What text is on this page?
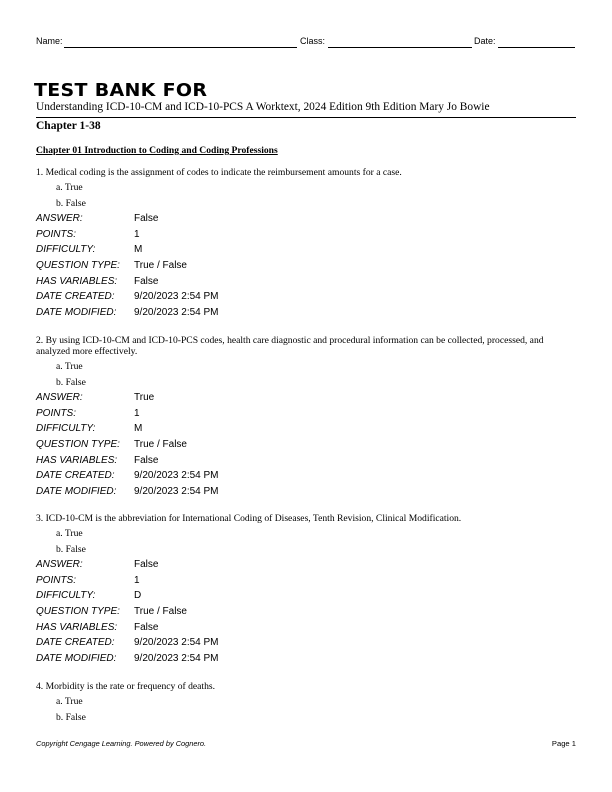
Name:	Class:	Date:
TEST BANK FOR
Understanding ICD-10-CM and ICD-10-PCS A Worktext, 2024 Edition 9th Edition Mary Jo Bowie
Chapter 1-38
Chapter 01 Introduction to Coding and Coding Professions
1. Medical coding is the assignment of codes to indicate the reimbursement amounts for a case.
a. True
b. False
ANSWER:	False
POINTS:	1
DIFFICULTY:	M
QUESTION TYPE: True / False
HAS VARIABLES: False
DATE CREATED: 9/20/2023 2:54 PM
DATE MODIFIED: 9/20/2023 2:54 PM
2. By using ICD-10-CM and ICD-10-PCS codes, health care diagnostic and procedural information can be collected, processed, and analyzed more effectively.
a. True
b. False
ANSWER:	True
POINTS:	1
DIFFICULTY:	M
QUESTION TYPE: True / False
HAS VARIABLES: False
DATE CREATED: 9/20/2023 2:54 PM
DATE MODIFIED: 9/20/2023 2:54 PM
3. ICD-10-CM is the abbreviation for International Coding of Diseases, Tenth Revision, Clinical Modification.
a. True
b. False
ANSWER:	False
POINTS:	1
DIFFICULTY:	D
QUESTION TYPE: True / False
HAS VARIABLES: False
DATE CREATED: 9/20/2023 2:54 PM
DATE MODIFIED: 9/20/2023 2:54 PM
4. Morbidity is the rate or frequency of deaths.
a. True
b. False
Copyright Cengage Learning. Powered by Cognero.	Page 1
